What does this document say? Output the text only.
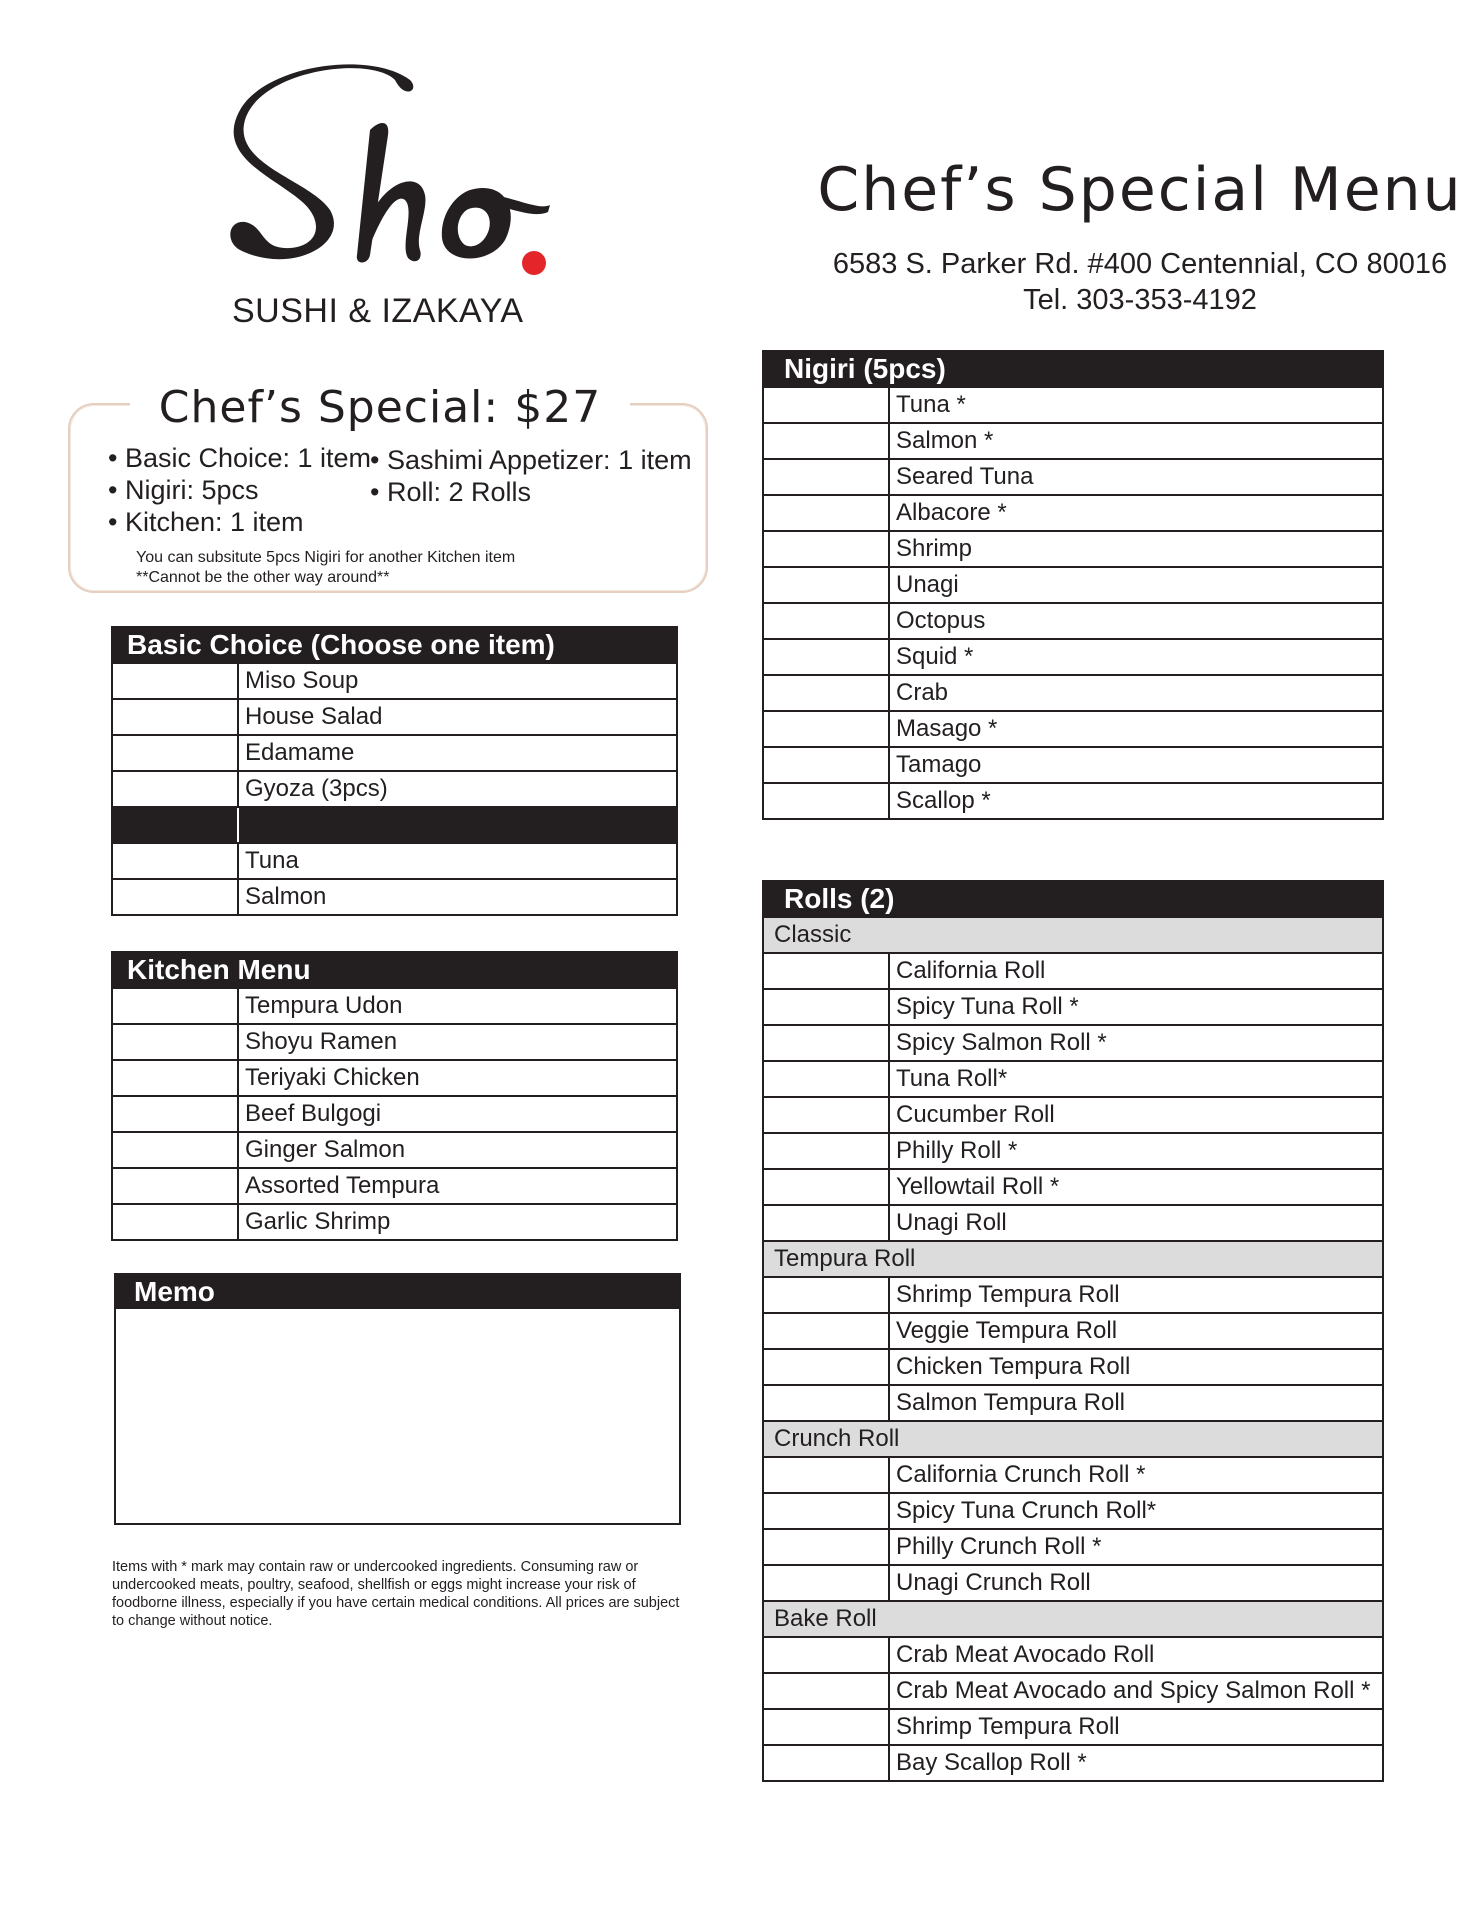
SUSHI & IZAKAYA
Chef’s Special Menu
6583 S. Parker Rd. #400 Centennial, CO 80016
Tel. 303-353-4192
Chef’s Special: $27
• Basic Choice: 1 item
• Nigiri: 5pcs
• Kitchen: 1 item
• Sashimi Appetizer: 1 item
• Roll: 2 Rolls
You can subsitute 5pcs Nigiri for another Kitchen item
**Cannot be the other way around**
Basic Choice (Choose one item)
Miso Soup
House Salad
Edamame
Gyoza (3pcs)
Tuna
Salmon
Kitchen Menu
Tempura Udon
Shoyu Ramen
Teriyaki Chicken
Beef Bulgogi
Ginger Salmon
Assorted Tempura
Garlic Shrimp
Memo
Items with * mark may contain raw or undercooked ingredients. Consuming raw or undercooked meats, poultry, seafood, shellfish or eggs might increase your risk of foodborne illness, especially if you have certain medical conditions. All prices are subject to change without notice.
Nigiri (5pcs)
Tuna *
Salmon *
Seared Tuna
Albacore *
Shrimp
Unagi
Octopus
Squid *
Crab
Masago *
Tamago
Scallop *
Rolls (2)
Classic
California Roll
Spicy Tuna Roll *
Spicy Salmon Roll *
Tuna Roll*
Cucumber Roll
Philly Roll *
Yellowtail Roll *
Unagi Roll
Tempura Roll
Shrimp Tempura Roll
Veggie Tempura Roll
Chicken Tempura Roll
Salmon Tempura Roll
Crunch Roll
California Crunch Roll *
Spicy Tuna Crunch Roll*
Philly Crunch Roll *
Unagi Crunch Roll
Bake Roll
Crab Meat Avocado Roll
Crab Meat Avocado and Spicy Salmon Roll *
Shrimp Tempura Roll
Bay Scallop Roll *
